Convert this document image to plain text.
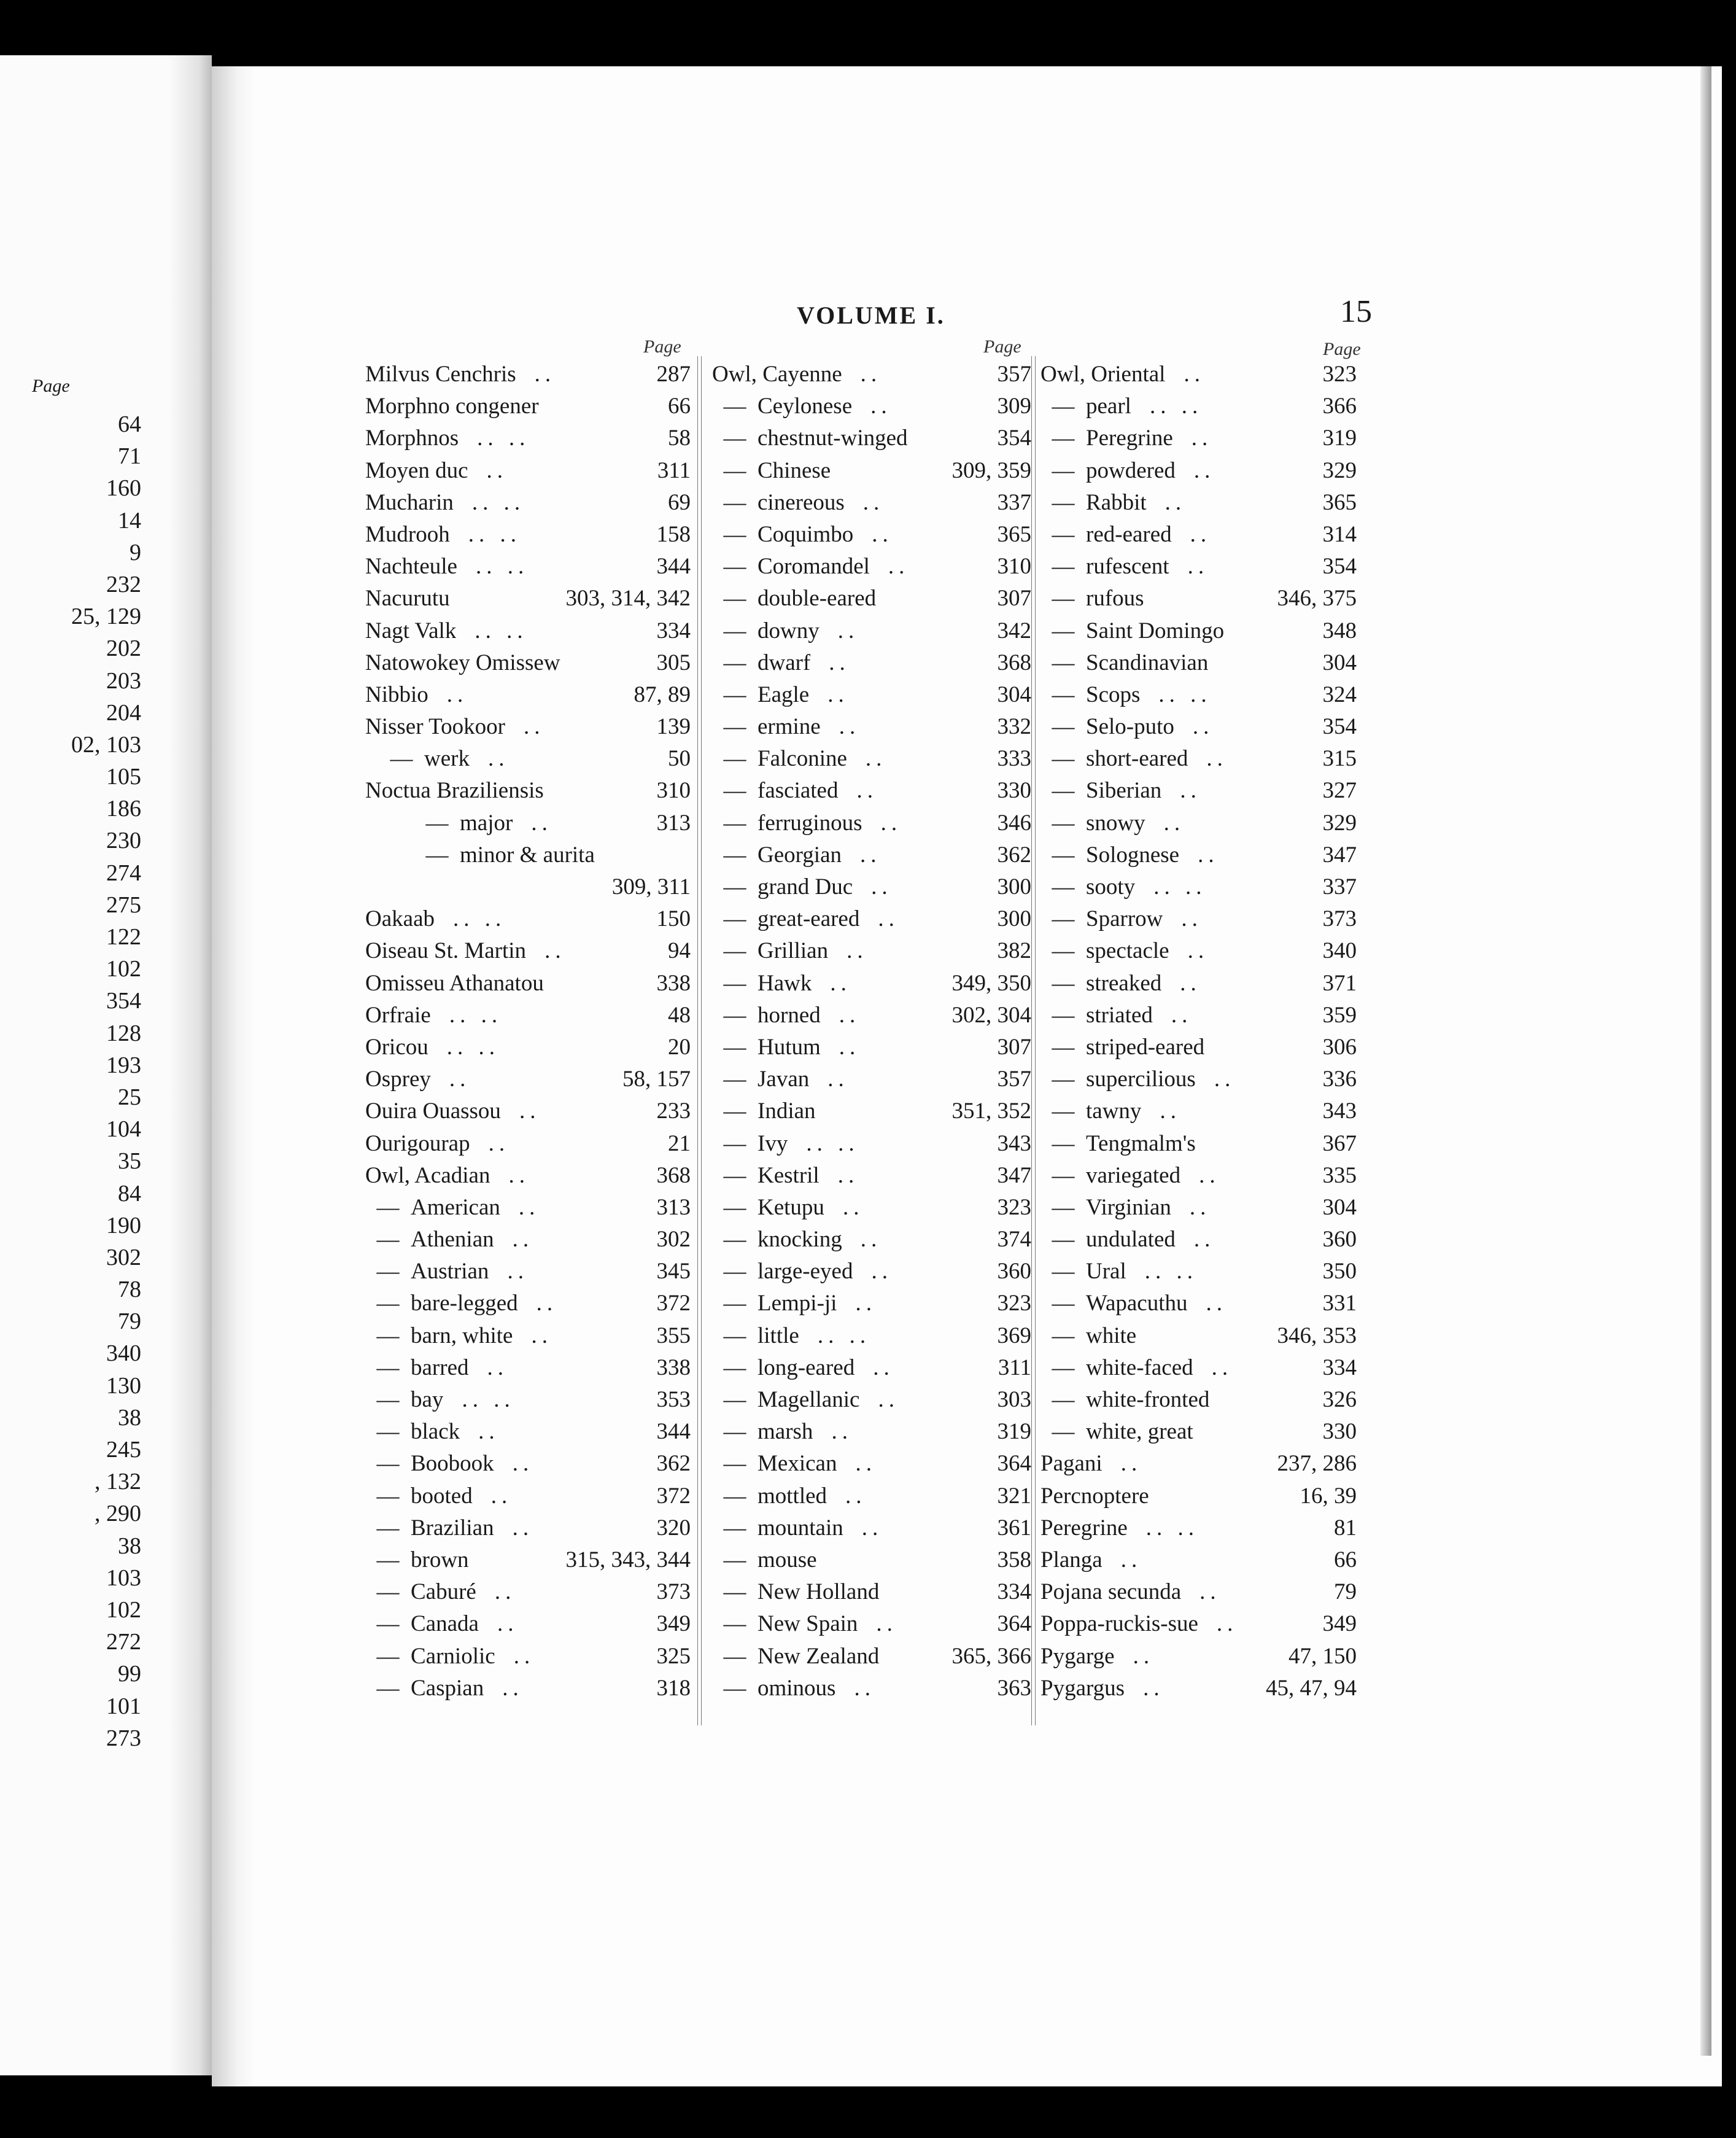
Page
64
71
160
14
9
232
25, 129
202
203
204
02, 103
105
186
230
274
275
122
102
354
128
193
25
104
35
84
190
302
78
79
340
130
38
245
, 132
, 290
38
103
102
272
99
101
273
VOLUME I.	15
Page	Page	Page
Milvus Cenchris ..	287
Morphno congener	66
Morphnos .. ..	58
Moyen duc ..	311
Mucharin .. ..	69
Mudrooh .. ..	158
Nachteule .. ..	344
Nacurutu	303, 314, 342
Nagt Valk .. ..	334
Natowokey Omissew	305
Nibbio ..	87, 89
Nisser Tookoor ..	139
— werk ..	50
Noctua Braziliensis	310
— major ..	313
— minor & aurita
309, 311
Oakaab .. ..	150
Oiseau St. Martin ..	94
Omisseu Athanatou	338
Orfraie .. ..	48
Oricou .. ..	20
Osprey ..	58, 157
Ouira Ouassou ..	233
Ourigourap ..	21
Owl, Acadian ..	368
— American ..	313
— Athenian ..	302
— Austrian ..	345
— bare-legged ..	372
— barn, white ..	355
— barred ..	338
— bay .. ..	353
— black ..	344
— Boobook ..	362
— booted ..	372
— Brazilian ..	320
— brown	315, 343, 344
— Caburé ..	373
— Canada ..	349
— Carniolic ..	325
— Caspian ..	318
Owl, Cayenne ..	357
— Ceylonese ..	309
— chestnut-winged	354
— Chinese	309, 359
— cinereous ..	337
— Coquimbo ..	365
— Coromandel ..	310
— double-eared	307
— downy ..	342
— dwarf ..	368
— Eagle ..	304
— ermine ..	332
— Falconine ..	333
— fasciated ..	330
— ferruginous ..	346
— Georgian ..	362
— grand Duc ..	300
— great-eared ..	300
— Grillian ..	382
— Hawk ..	349, 350
— horned ..	302, 304
— Hutum ..	307
— Javan ..	357
— Indian	351, 352
— Ivy .. ..	343
— Kestril ..	347
— Ketupu ..	323
— knocking ..	374
— large-eyed ..	360
— Lempi-ji ..	323
— little .. ..	369
— long-eared ..	311
— Magellanic ..	303
— marsh ..	319
— Mexican ..	364
— mottled ..	321
— mountain ..	361
— mouse	358
— New Holland	334
— New Spain ..	364
— New Zealand	365, 366
— ominous ..	363
Owl, Oriental ..	323
— pearl .. ..	366
— Peregrine ..	319
— powdered ..	329
— Rabbit ..	365
— red-eared ..	314
— rufescent ..	354
— rufous	346, 375
— Saint Domingo	348
— Scandinavian	304
— Scops .. ..	324
— Selo-puto ..	354
— short-eared ..	315
— Siberian ..	327
— snowy ..	329
— Solognese ..	347
— sooty .. ..	337
— Sparrow ..	373
— spectacle ..	340
— streaked ..	371
— striated ..	359
— striped-eared	306
— supercilious ..	336
— tawny ..	343
— Tengmalm's	367
— variegated ..	335
— Virginian ..	304
— undulated ..	360
— Ural .. ..	350
— Wapacuthu ..	331
— white	346, 353
— white-faced ..	334
— white-fronted	326
— white, great	330
Pagani ..	237, 286
Percnoptere	16, 39
Peregrine .. ..	81
Planga ..	66
Pojana secunda ..	79
Poppa-ruckis-sue ..	349
Pygarge ..	47, 150
Pygargus ..	45, 47, 94
